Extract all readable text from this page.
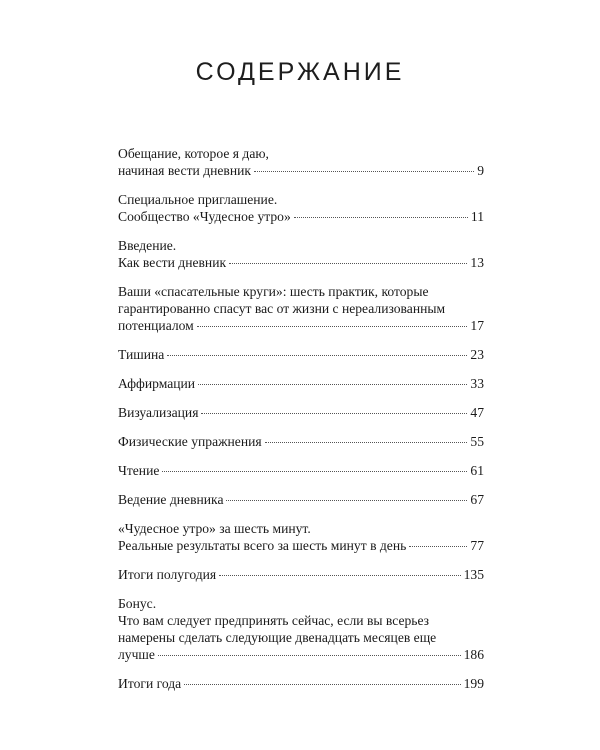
СОДЕРЖАНИЕ
Обещание, которое я даю,
начиная вести дневник	9
Специальное приглашение.
Сообщество «Чудесное утро»	11
Введение.
Как вести дневник	13
Ваши «спасательные круги»: шесть практик, которые
гарантированно спасут вас от жизни с нереализованным
потенциалом	17
Тишина	23
Аффирмации	33
Визуализация	47
Физические упражнения	55
Чтение	61
Ведение дневника	67
«Чудесное утро» за шесть минут.
Реальные результаты всего за шесть минут в день	77
Итоги полугодия	135
Бонус.
Что вам следует предпринять сейчас, если вы всерьез
намерены сделать следующие двенадцать месяцев еще
лучше	186
Итоги года	199
